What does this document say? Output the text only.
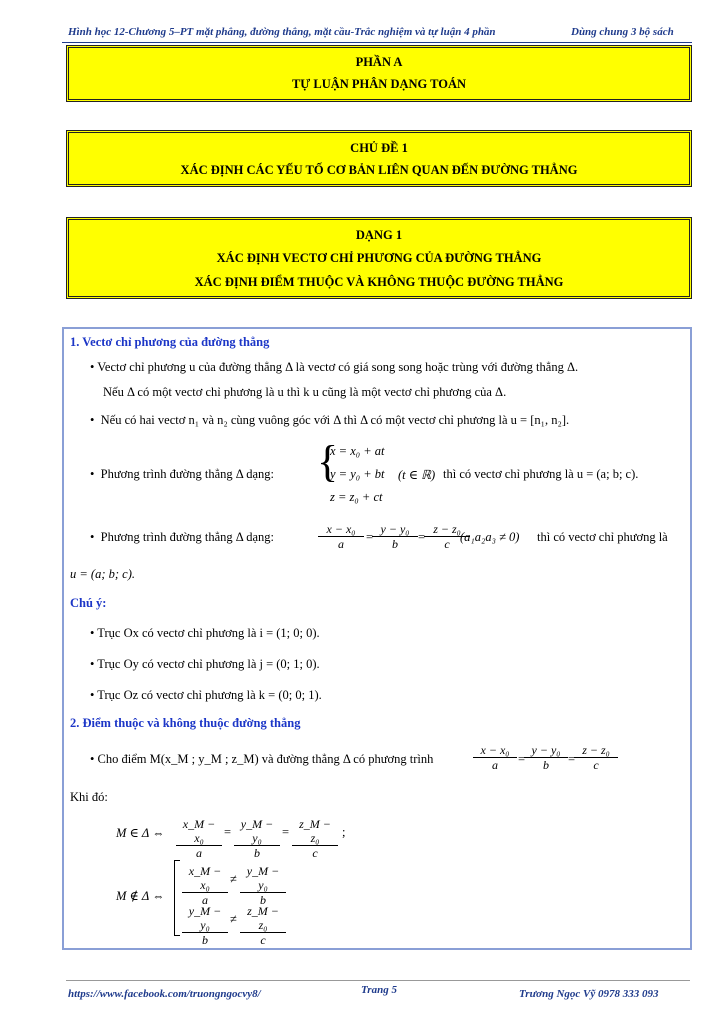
Hình học 12-Chương 5–PT mặt phẳng, đường thẳng, mặt cầu-Trắc nghiệm và tự luận 4 phần	Dùng chung 3 bộ sách
PHẦN A
TỰ LUẬN PHÂN DẠNG TOÁN
CHỦ ĐỀ 1
XÁC ĐỊNH CÁC YẾU TỐ CƠ BẢN LIÊN QUAN ĐẾN ĐƯỜNG THẲNG
DẠNG 1
XÁC ĐỊNH VECTƠ CHỈ PHƯƠNG CỦA ĐƯỜNG THẲNG
XÁC ĐỊNH ĐIỂM THUỘC VÀ KHÔNG THUỘC ĐƯỜNG THẲNG
1. Vectơ chỉ phương của đường thẳng
• Vectơ chỉ phương u của đường thẳng Δ là vectơ có giá song song hoặc trùng với đường thẳng Δ.
Nếu Δ có một vectơ chỉ phương là u thì k u cũng là một vectơ chỉ phương của Δ.
•  Nếu có hai vectơ n₁ và n₂ cùng vuông góc với Δ thì Δ có một vectơ chỉ phương là u = [n₁, n₂].
•  Phương trình đường thẳng Δ dạng: {
x = x₀ + at
y = y₀ + bt
z = z₀ + ct
(t ∈ ℝ) thì có vectơ chỉ phương là u = (a; b; c).
•  Phương trình đường thẳng Δ dạng:	$\frac{\text{x − x₀}}{a}$ =
$\frac{\text{y − y₀}}{b}$ =
$\frac{\text{z − z₀}}{c}$
(a₁a₂a₃ ≠ 0) thì có vectơ chỉ phương là
u = (a; b; c).
Chú ý:
• Trục Ox có vectơ chỉ phương là i = (1; 0; 0).
• Trục Oy có vectơ chỉ phương là j = (0; 1; 0).
• Trục Oz có vectơ chỉ phương là k = (0; 0; 1).
2. Điểm thuộc và không thuộc đường thẳng
• Cho điểm M(x_M ; y_M ; z_M) và đường thẳng Δ có phương trình	$\frac{\text{x − x₀}}{a}$ =
$\frac{\text{y − y₀}}{b}$ =
$\frac{\text{z − z₀}}{c}$
Khi đó:
M ∈ Δ ⇔ $\frac{\text{x\_M − x₀}}{a} = \frac{\text{y\_M − y₀}}{b} = \frac{\text{z\_M − z₀}}{c}$ ;
M ∉ Δ ⇔ $\frac{\text{x\_M − x₀}}{a} \ne \frac{\text{y\_M − y₀}}{b}$
$\frac{\text{y\_M − y₀}}{b} \ne \frac{\text{z\_M − z₀}}{c}$
https://www.facebook.com/truongngocvy8/	Trang 5	Trương Ngọc Vỹ 0978 333 093
